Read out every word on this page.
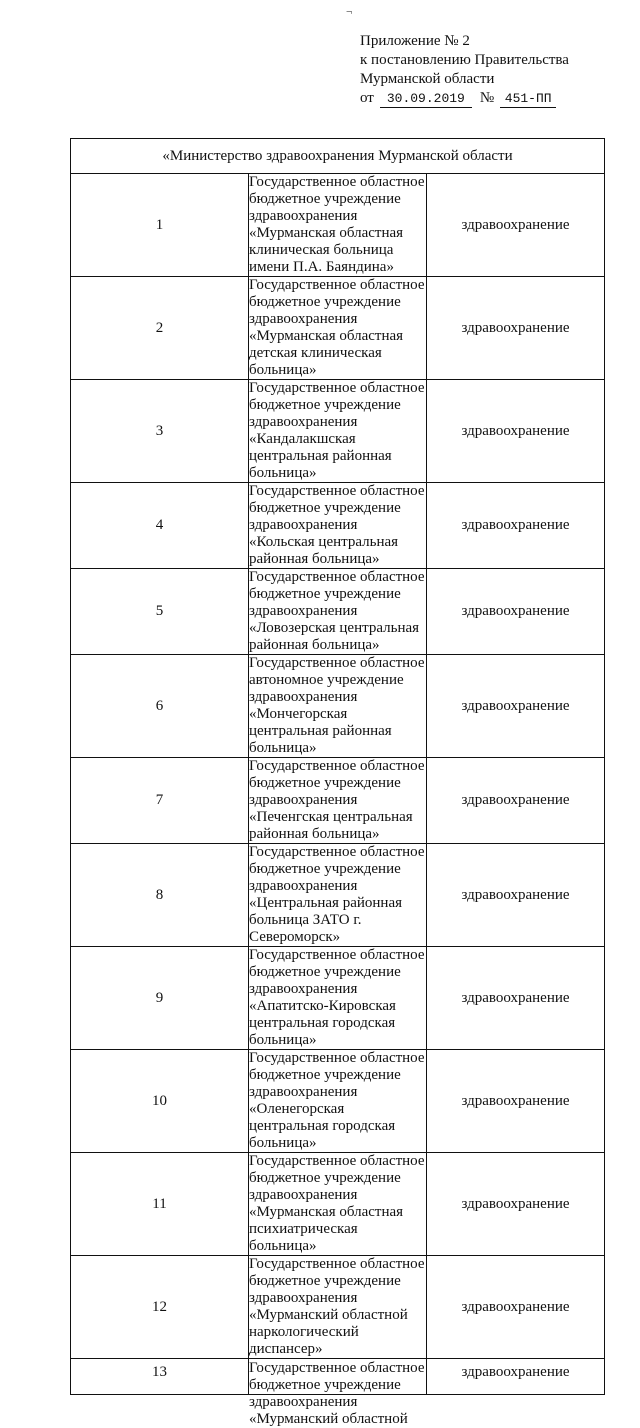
¬
Приложение № 2
к постановлению Правительства
Мурманской области
от 30.09.2019	№ 451-ПП
«Министерство здравоохранения Мурманской области		
1	Государственное областное бюджетное учреждение здравоохранения «Мурманская областная клиническая больница имени П.А. Баяндина»	здравоохранение
2	Государственное областное бюджетное учреждение здравоохранения «Мурманская областная детская клиническая больница»	здравоохранение
3	Государственное областное бюджетное учреждение здравоохранения «Кандалакшская центральная районная больница»	здравоохранение
4	Государственное областное бюджетное учреждение здравоохранения «Кольская центральная районная больница»	здравоохранение
5	Государственное областное бюджетное учреждение здравоохранения «Ловозерская центральная районная больница»	здравоохранение
6	Государственное областное автономное учреждение здравоохранения «Мончегорская центральная районная больница»	здравоохранение
7	Государственное областное бюджетное учреждение здравоохранения «Печенгская центральная районная больница»	здравоохранение
8	Государственное областное бюджетное учреждение здравоохранения «Центральная районная больница ЗАТО г. Североморск»	здравоохранение
9	Государственное областное бюджетное учреждение здравоохранения «Апатитско-Кировская центральная городская больница»	здравоохранение
10	Государственное областное бюджетное учреждение здравоохранения «Оленегорская центральная городская больница»	здравоохранение
11	Государственное областное бюджетное учреждение здравоохранения «Мурманская областная психиатрическая больница»	здравоохранение
12	Государственное областное бюджетное учреждение здравоохранения «Мурманский областной наркологический диспансер»	здравоохранение
13	Государственное областное бюджетное учреждение здравоохранения «Мурманский областной	здравоохранение
